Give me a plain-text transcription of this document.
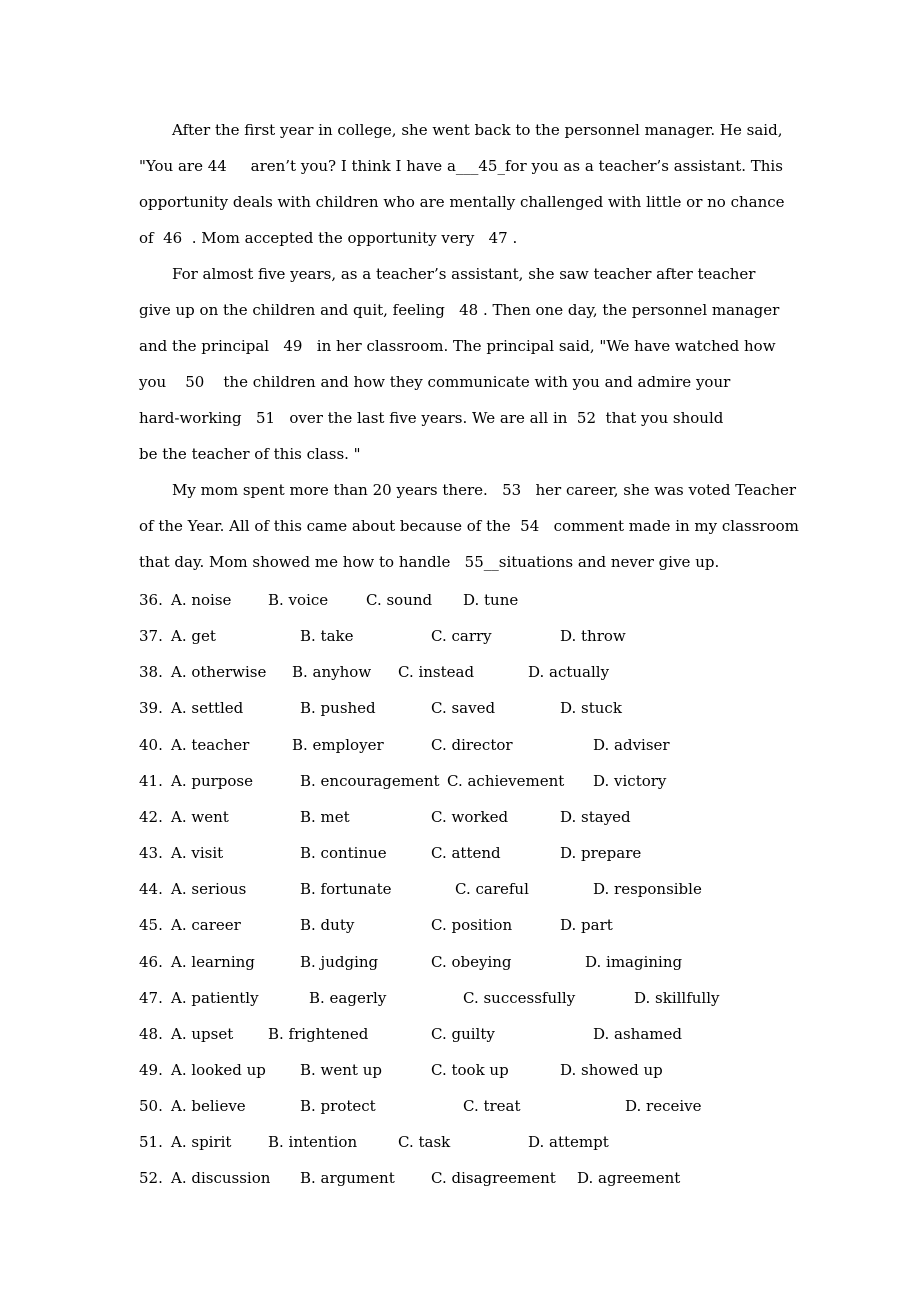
After the first year in college, she went back to the personnel manager. He said,

"You are 44     aren’t you? I think I have a___45_for you as a teacher’s assistant. This

opportunity deals with children who are mentally challenged with little or no chance

of  46  . Mom accepted the opportunity very   47 .

For almost five years, as a teacher’s assistant, she saw teacher after teacher

give up on the children and quit, feeling   48 . Then one day, the personnel manager

and the principal   49   in her classroom. The principal said, "We have watched how

you    50    the children and how they communicate with you and admire your

hard-working   51   over the last five years. We are all in  52  that you should

be the teacher of this class. "

My mom spent more than 20 years there.   53   her career, she was voted Teacher

of the Year. All of this came about because of the  54   comment made in my classroom

that day. Mom showed me how to handle   55__situations and never give up.

36. A. noise B. voice	C. sound D. tune
37. A. get	B. take	C. carry	D. throw
38. A. otherwise B. anyhow C. instead	D. actually
39. A. settled	B. pushed	C. saved	D. stuck
40. A. teacher	B. employer	C. director	D. adviser
41. A. purpose	B. encouragement C. achievement D. victory
42. A. went	B. met	C. worked	D. stayed
43. A. visit	B. continue	C. attend	D. prepare
44. A. serious	B. fortunate	C. careful	D. responsible
45. A. career	B. duty	C. position	D. part
46. A. learning	B. judging	C. obeying	D. imagining
47. A. patiently	B. eagerly	C. successfully	D. skillfully
48. A. upset B. frightened	C. guilty	D. ashamed
49. A. looked up B. went up	C. took up	D. showed up
50. A. believe	B. protect	C. treat	D. receive
51. A. spirit B. intention	C. task	D. attempt
52. A. discussion B. argument C. disagreement D. agreement
